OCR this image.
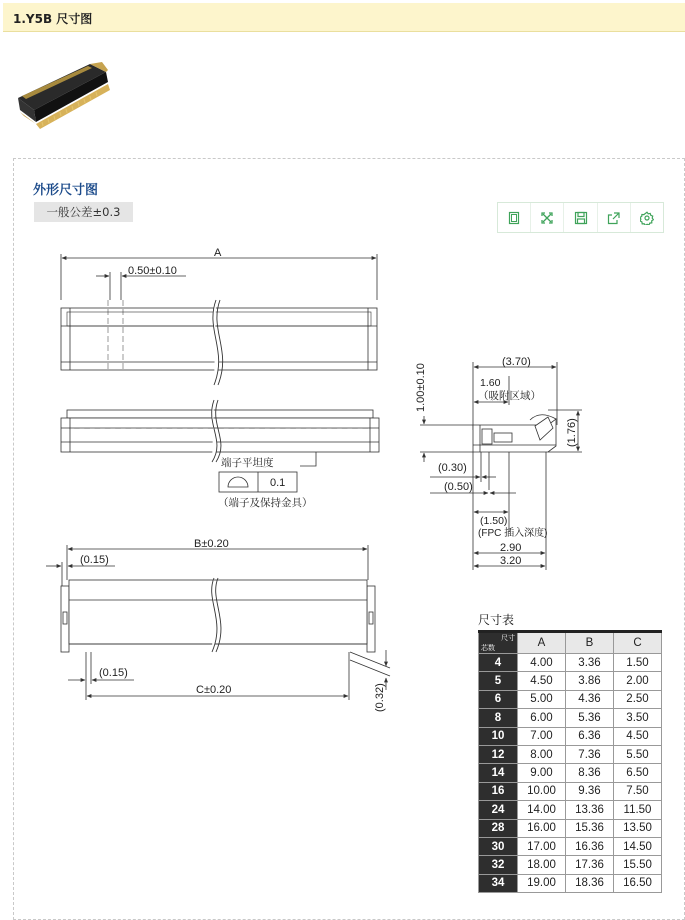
1.Y5B 尺寸图
外形尺寸图
一般公差±0.3
A
0.50±0.10
端子平坦度
0.1
（端子及保持金具）
B±0.20
(0.15)
(0.15)
C±0.20	(0.32)
(3.70)
1.60
（吸附区域）
1.00±0.10
(1.76)
(0.30)
(0.50)
(1.50)
(FPC 插入深度)
2.90
3.20
尺寸表
尺寸
芯数	A	B	C
4	4.00	3.36	1.50
5	4.50	3.86	2.00
6	5.00	4.36	2.50
8	6.00	5.36	3.50
10	7.00	6.36	4.50
12	8.00	7.36	5.50
14	9.00	8.36	6.50
16	10.00	9.36	7.50
24	14.00	13.36	11.50
28	16.00	15.36	13.50
30	17.00	16.36	14.50
32	18.00	17.36	15.50
34	19.00	18.36	16.50
